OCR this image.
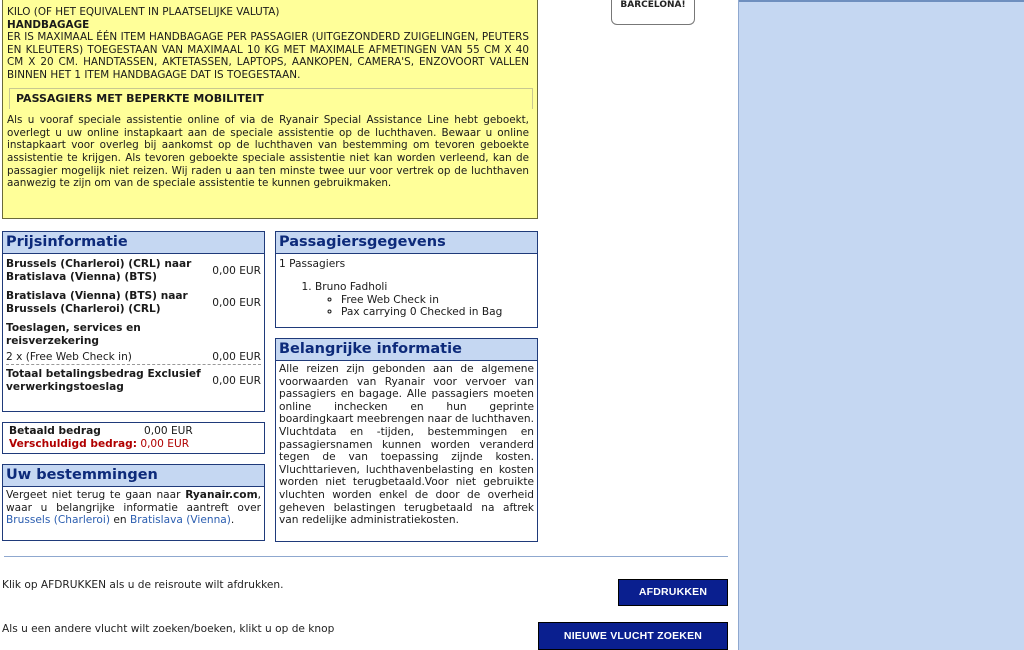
KILO (OF HET EQUIVALENT IN PLAATSELIJKE VALUTA)
HANDBAGAGE
ER IS MAXIMAAL ÉÉN ITEM HANDBAGAGE PER PASSAGIER (UITGEZONDERD ZUIGELINGEN, PEUTERS EN KLEUTERS) TOEGESTAAN VAN MAXIMAAL 10 KG MET MAXIMALE AFMETINGEN VAN 55 CM X 40 CM X 20 CM. HANDTASSEN, AKTETASSEN, LAPTOPS, AANKOPEN, CAMERA'S, ENZOVOORT VALLEN BINNEN HET 1 ITEM HANDBAGAGE DAT IS TOEGESTAAN.
PASSAGIERS MET BEPERKTE MOBILITEIT
Als u vooraf speciale assistentie online of via de Ryanair Special Assistance Line hebt geboekt, overlegt u uw online instapkaart aan de speciale assistentie op de luchthaven. Bewaar u online instapkaart voor overleg bij aankomst op de luchthaven van bestemming om tevoren geboekte assistentie te krijgen. Als tevoren geboekte speciale assistentie niet kan worden verleend, kan de passagier mogelijk niet reizen. Wij raden u aan ten minste twee uur voor vertrek op de luchthaven aanwezig te zijn om van de speciale assistentie te kunnen gebruikmaken.
BARCELONA!
Prijsinformatie
Brussels (Charleroi) (CRL) naar Bratislava (Vienna) (BTS)	0,00 EUR
Bratislava (Vienna) (BTS) naar Brussels (Charleroi) (CRL)	0,00 EUR
Toeslagen, services en reisverzekering
2 x (Free Web Check in)	0,00 EUR
Totaal betalingsbedrag Exclusief verwerkingstoeslag	0,00 EUR
Betaald bedrag	0,00 EUR
Verschuldigd bedrag:
0,00 EUR
Uw bestemmingen
Vergeet niet terug te gaan naar Ryanair.com, waar u belangrijke informatie aantreft over Brussels (Charleroi) en Bratislava (Vienna).
Passagiersgegevens
1 Passagiers
1. Bruno Fadholi
◦ Free Web Check in
◦ Pax carrying 0 Checked in Bag
Belangrijke informatie
Alle reizen zijn gebonden aan de algemene voorwaarden van Ryanair voor vervoer van passagiers en bagage. Alle passagiers moeten online inchecken en hun geprinte boardingkaart meebrengen naar de luchthaven. Vluchtdata en -tijden, bestemmingen en passagiersnamen kunnen worden veranderd tegen de van toepassing zijnde kosten. Vluchttarieven, luchthavenbelasting en kosten worden niet terugbetaald.Voor niet gebruikte vluchten worden enkel de door de overheid geheven belastingen terugbetaald na aftrek van redelijke administratiekosten.
Klik op AFDRUKKEN als u de reisroute wilt afdrukken.
AFDRUKKEN
Als u een andere vlucht wilt zoeken/boeken, klikt u op de knop
NIEUWE VLUCHT ZOEKEN
